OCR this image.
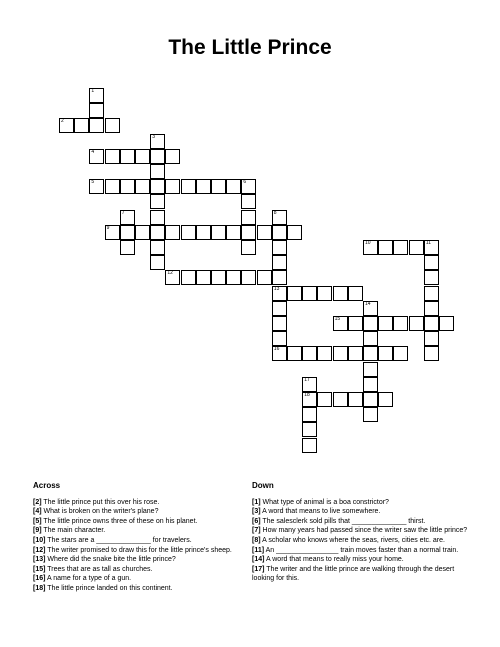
The Little Prince
1
2
3
4
5	6
7	8
13
16
9
10	11
12
14
15
17
18
Across

[2] The little prince put this over his rose.

[4] What is broken on the writer's plane?

[5] The little prince owns three of these on his planet.

[9] The main character.

[10] The stars are a ______________ for travelers.

[12] The writer promised to draw this for the little prince's sheep.

[13] Where did the snake bite the little prince?

[15] Trees that are as tall as churches.

[16] A name for a type of a gun.

[18] The little prince landed on this continent.

Down

[1] What type of animal is a boa constrictor?

[3] A word that means to live somewhere.

[6] The salesclerk sold pills that ______________ thirst.

[7] How many years had passed since the writer saw the little prince?

[8] A scholar who knows where the seas, rivers, cities etc. are.

[11] An ________________ train moves faster than a normal train.

[14] A word that means to really miss your home.

[17] The writer and the little prince are walking through the desert looking for this.
